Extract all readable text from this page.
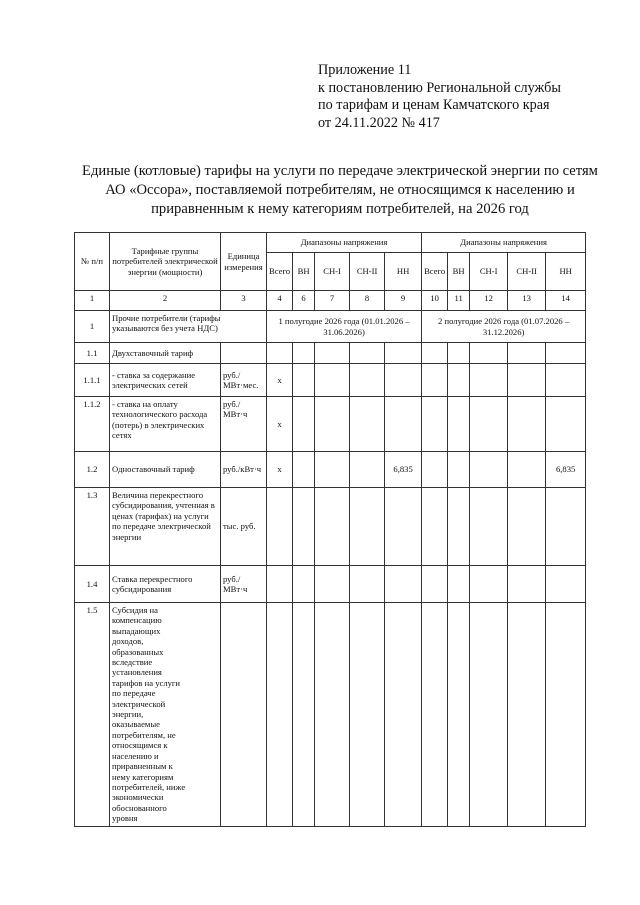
Приложение 11
к постановлению Региональной службы
по тарифам и ценам Камчатского края
от 24.11.2022 № 417
Единые (котловые) тарифы на услуги по передаче электрической энергии по сетям
АО «Оссора», поставляемой потребителям, не относящимся к населению и
приравненным к нему категориям потребителей, на 2026 год
№ п/п	Тарифные группы потребителей электрической энергии (мощности)	Единица измерения	Диапазоны напряжения					Диапазоны напряжения				
			Всего	ВН	СН-I	СН-II	НН	Всего	ВН	СН-I	СН-II	НН
1	2	3	4	6	7	8	9	10	11	12	13	14
1	Прочие потребители (тарифы указываются без учета НДС)		1 полугодие 2026 года (01.01.2026 – 31.06.2026)					2 полугодие 2026 года (01.07.2026 – 31.12.2026)				
1.1	Двухставочный тариф											
1.1.1	- ставка за содержание электрических сетей	руб./МВт·мес.	х									
1.1.2	- ставка на оплату технологического расхода (потерь) в электрических сетях	руб./МВт·ч	х									
1.2	Одноставочный тариф	руб./кВт·ч	х				6,835					6,835
1.3	Величина перекрестного субсидирования, учтенная в ценах (тарифах) на услуги по передаче электрической энергии	тыс. руб.										
1.4	Ставка перекрестного субсидирования	руб./МВт·ч										
1.5	Субсидия на компенсацию выпадающих доходов, образованных вследствие установления тарифов на услуги по передаче электрической энергии, оказываемые потребителям, не относящимся к населению и приравненным к нему категориям потребителей, ниже экономически обоснованного уровня											
